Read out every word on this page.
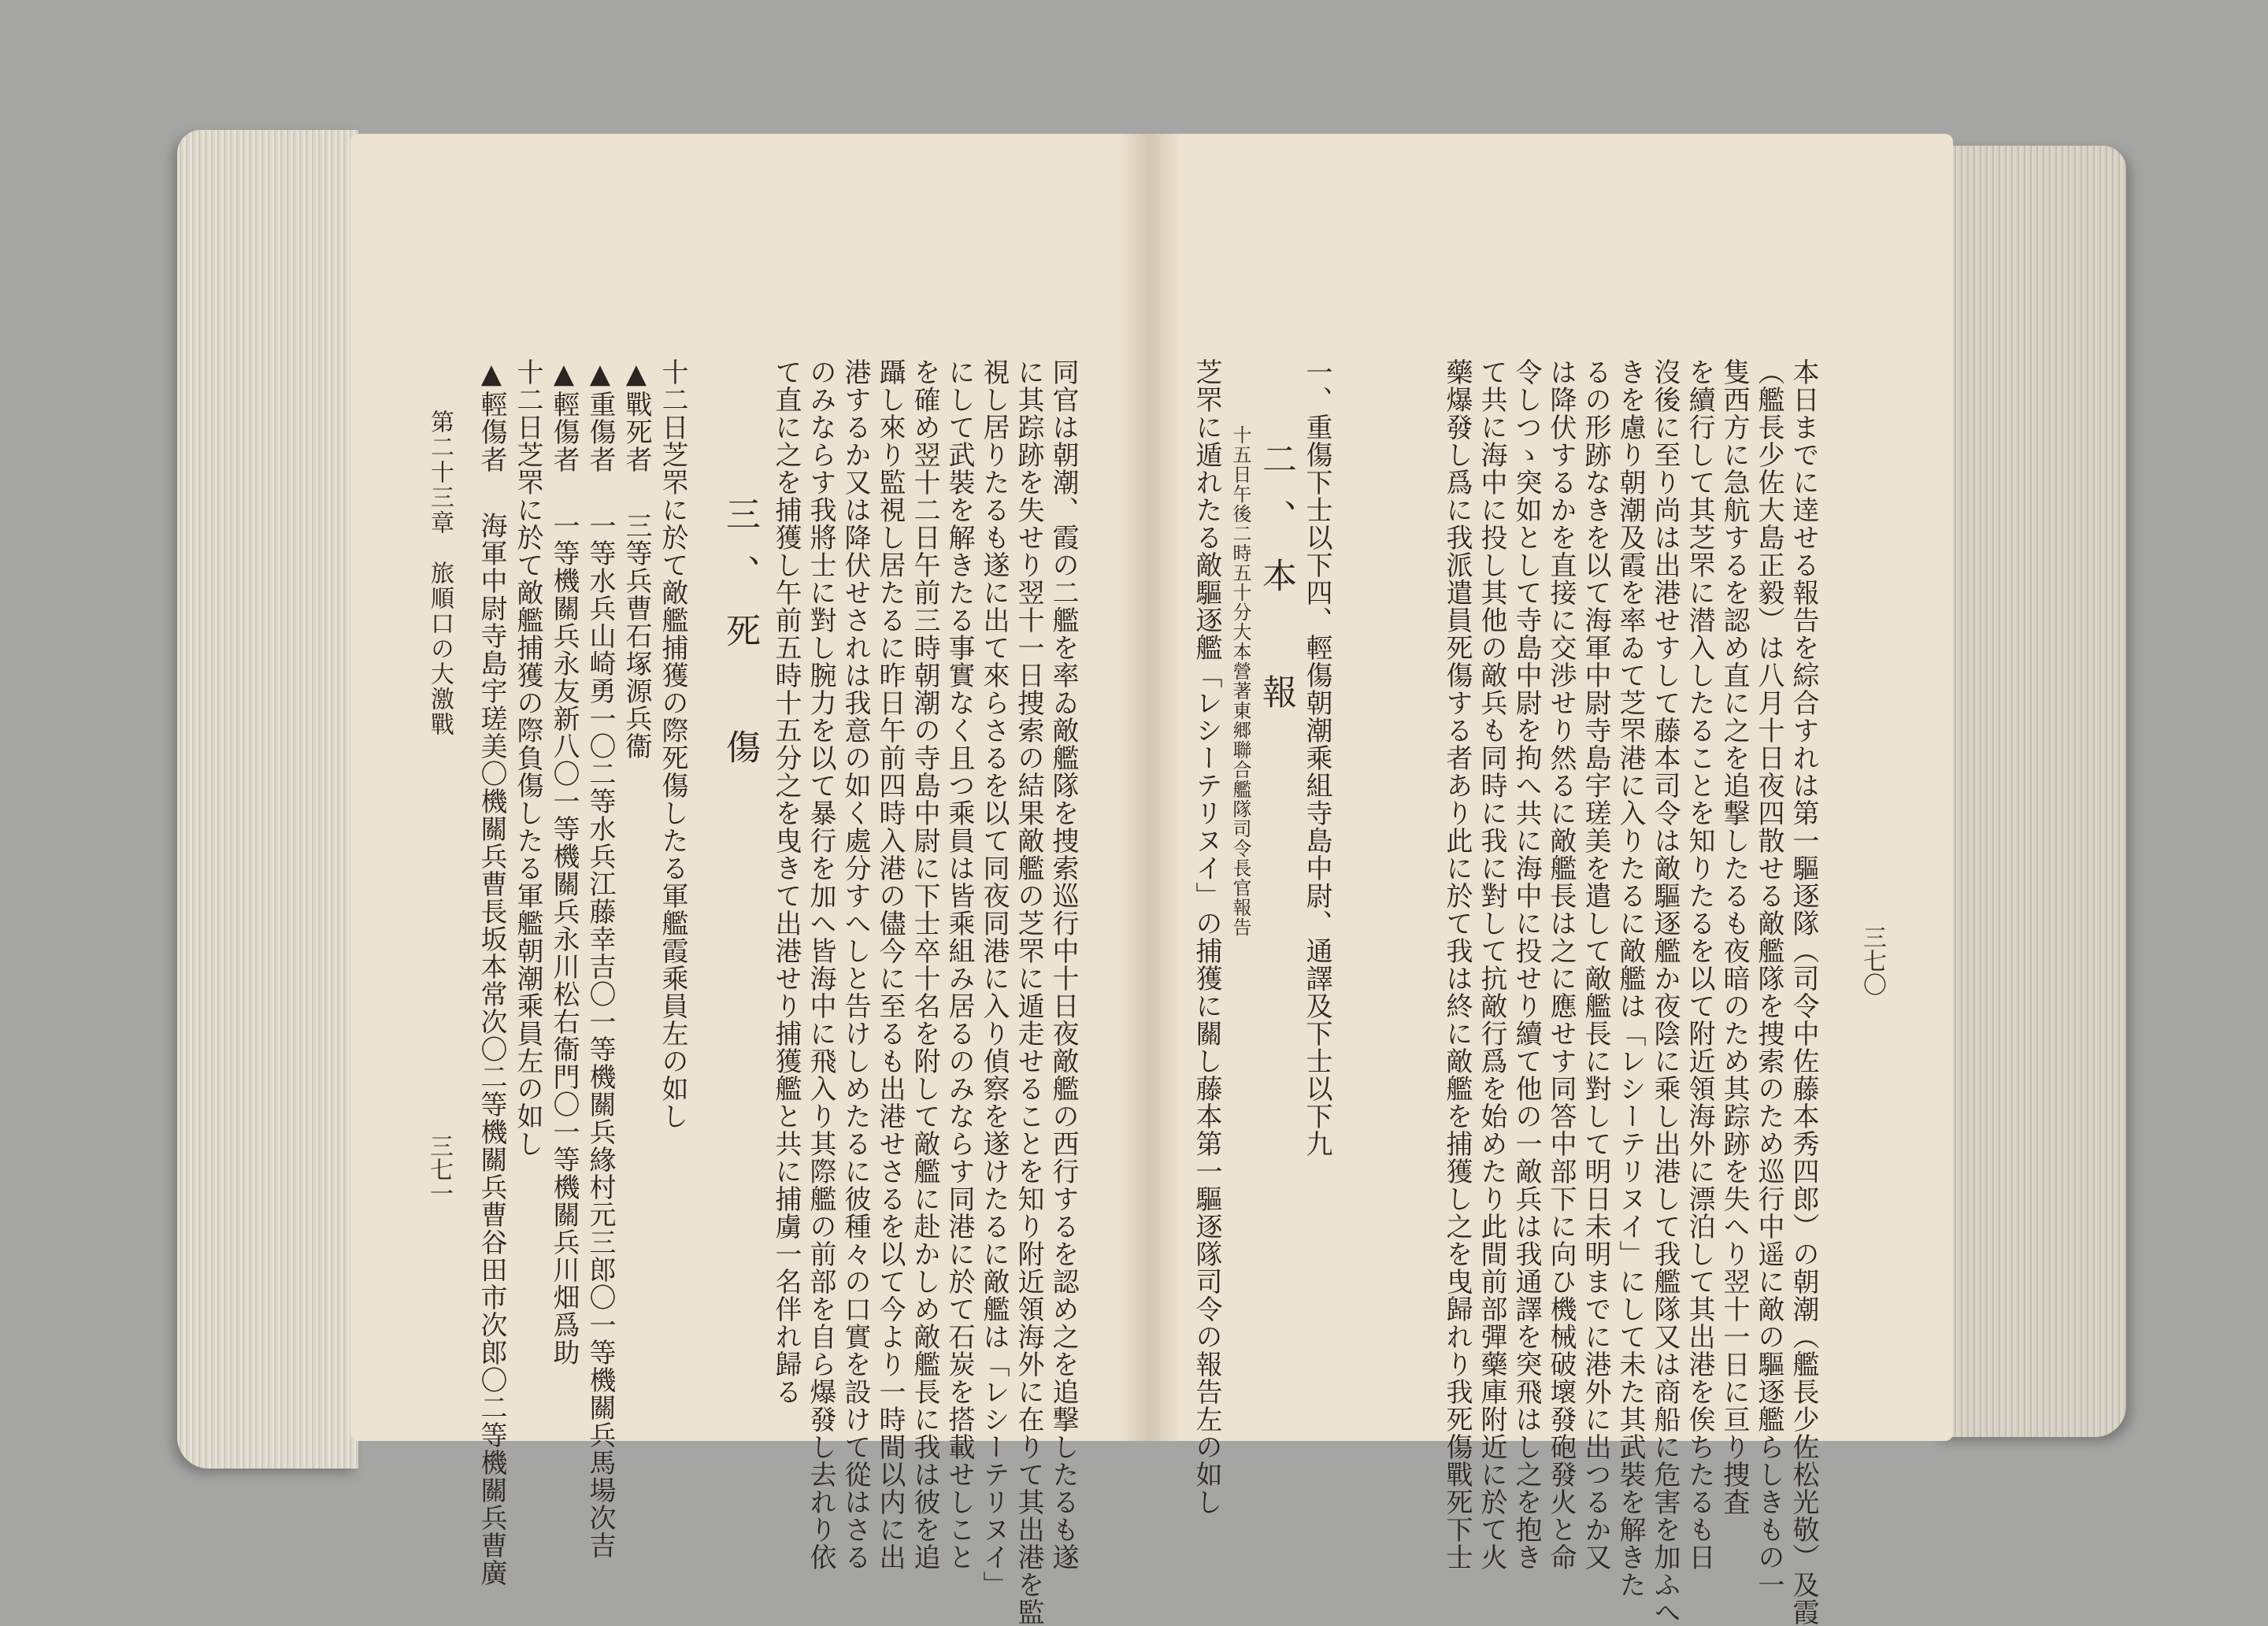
三七〇
本日までに逹せる報告を綜合すれは第一驅逐隊（司令中佐藤本秀四郎）の朝潮（艦長少佐松光敬）及霞
（艦長少佐大島正毅）は八月十日夜四散せる敵艦隊を捜索のため巡行中遥に敵の驅逐艦らしきもの一
隻西方に急航するを認め直に之を追撃したるも夜暗のため其踪跡を失へり翌十一日に亘り捜査
を續行して其芝罘に潜入したることを知りたるを以て附近領海外に漂泊して其出港を俟ちたるも日
沒後に至り尚は出港せすして藤本司令は敵驅逐艦か夜陰に乘し出港して我艦隊又は商船に危害を加ふへ
きを慮り朝潮及霞を率ゐて芝罘港に入りたるに敵艦は「レシーテリヌイ」にして未た其武裝を解きた
るの形跡なきを以て海軍中尉寺島宇瑳美を遣して敵艦長に對して明日未明までに港外に出つるか又
は降伏するかを直接に交渉せり然るに敵艦長は之に應せす同答中部下に向ひ機械破壞發砲發火と命
令しつゝ突如として寺島中尉を拘へ共に海中に投せり續て他の一敵兵は我通譯を突飛はし之を抱き
て共に海中に投し其他の敵兵も同時に我に對して抗敵行爲を始めたり此間前部彈藥庫附近に於て火
藥爆發し爲に我派遣員死傷する者あり此に於て我は終に敵艦を捕獲し之を曳歸れり我死傷戰死下士
一、重傷下士以下四、輕傷朝潮乘組寺島中尉、通譯及下士以下九
二、本　報
十五日午後二時五十分大本營著東郷聯合艦隊司令長官報告
芝罘に遁れたる敵驅逐艦「レシーテリヌイ」の捕獲に關し藤本第一驅逐隊司令の報告左の如し
同官は朝潮、霞の二艦を率ゐ敵艦隊を捜索巡行中十日夜敵艦の西行するを認め之を追撃したるも遂
に其踪跡を失せり翌十一日捜索の結果敵艦の芝罘に遁走せることを知り附近領海外に在りて其出港を監
視し居りたるも遂に出て來らさるを以て同夜同港に入り偵察を遂けたるに敵艦は「レシーテリヌイ」
にして武裝を解きたる事實なく且つ乘員は皆乘組み居るのみならす同港に於て石炭を搭載せしこと
を確め翌十二日午前三時朝潮の寺島中尉に下士卒十名を附して敵艦に赴かしめ敵艦長に我は彼を追
躡し來り監視し居たるに昨日午前四時入港の儘今に至るも出港せさるを以て今より一時間以内に出
港するか又は降伏せされは我意の如く處分すへしと告けしめたるに彼種々の口實を設けて從はさる
のみならす我將士に對し腕力を以て暴行を加へ皆海中に飛入り其際艦の前部を自ら爆發し去れり依
て直に之を捕獲し午前五時十五分之を曳きて出港せり捕獲艦と共に捕虜一名伴れ歸る
三、死　傷
十二日芝罘に於て敵艦捕獲の際死傷したる軍艦霞乘員左の如し
▲戰死者
三等兵曹石塚源兵衞
▲重傷者
一等水兵山崎勇一〇二等水兵江藤幸吉〇一等機關兵緣村元三郎〇一等機關兵馬場次吉
▲輕傷者
一等機關兵永友新八〇一等機關兵永川松右衞門〇一等機關兵川畑爲助
十二日芝罘に於て敵艦捕獲の際負傷したる軍艦朝潮乘員左の如し
▲輕傷者
海軍中尉寺島宇瑳美〇機關兵曹長坂本常次〇二等機關兵曹谷田市次郎〇二等機關兵曹廣
第二十三章　旅順口の大激戰
三七一
